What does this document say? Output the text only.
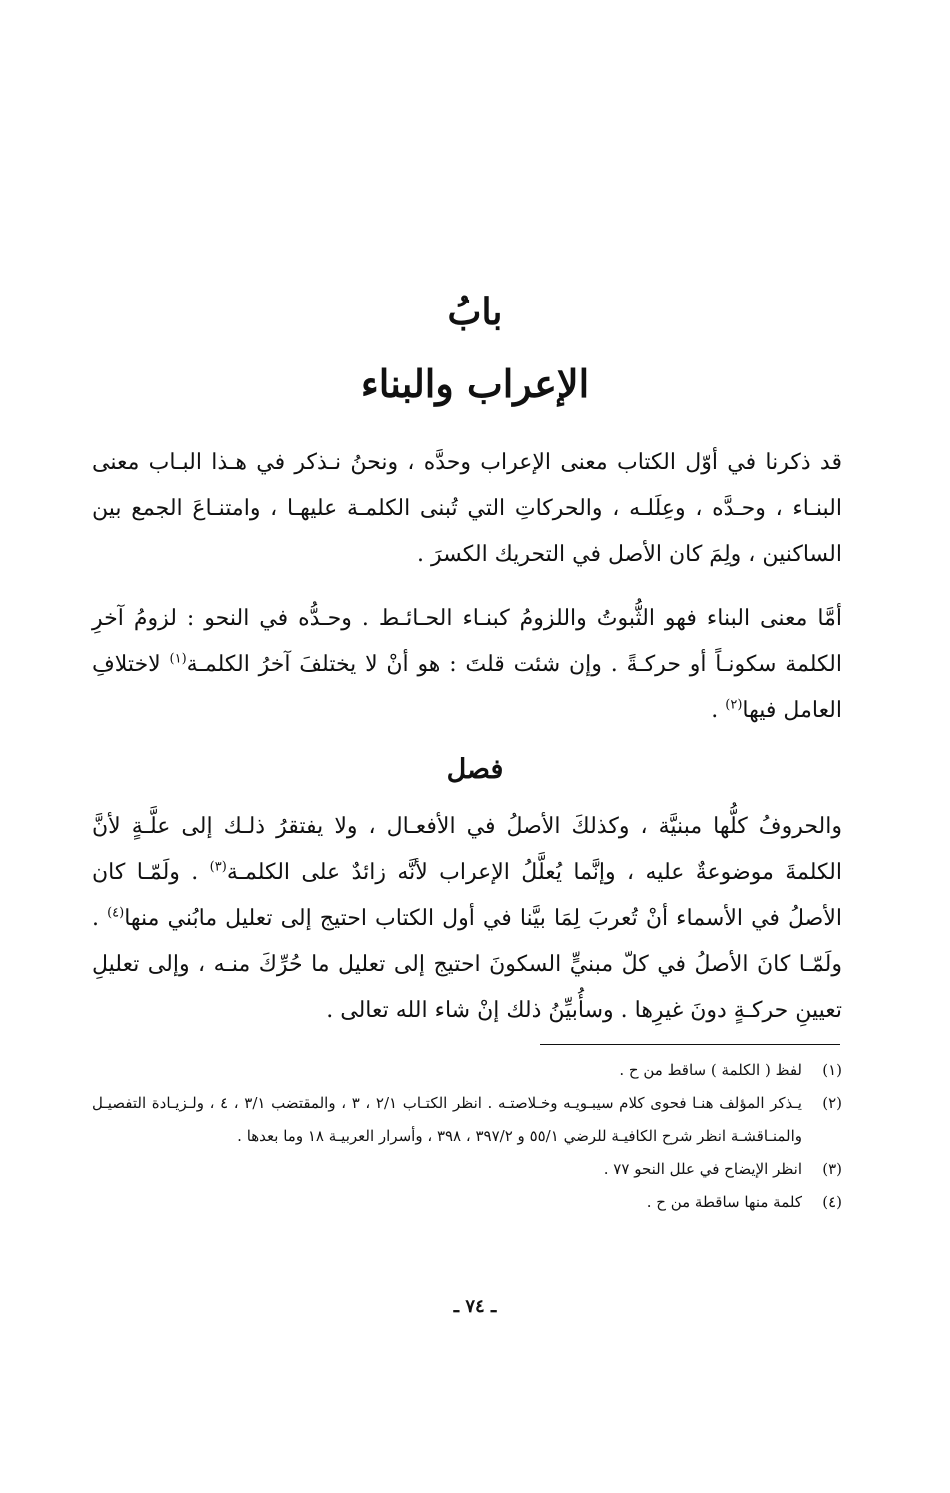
بابُ
الإعراب والبناء
قد ذكرنا في أوّل الكتاب معنى الإعراب وحدَّه ، ونحنُ نـذكر في هـذا البـاب معنى البنـاء ، وحـدَّه ، وعِلَلـه ، والحركاتِ التي تُبنى الكلمـة عليهـا ، وامتنـاعَ الجمع بين الساكنين ، ولِمَ كان الأصل في التحريك الكسرَ .
أمَّا معنى البناء فهو الثُّبوتُ واللزومُ كبنـاء الحـائـط . وحـدُّه في النحو : لزومُ آخرِ الكلمة سكونـاً أو حركـةً . وإن شئت قلتَ : هو أنْ لا يختلفَ آخرُ الكلمـة$^{(١)}$ لاختلافِ العامل فيها$^{(٢)}$ .
فصل
والحروفُ كلُّها مبنيَّة ، وكذلكَ الأصلُ في الأفعـال ، ولا يفتقرُ ذلـك إلى علَّـةٍ لأنَّ الكلمةَ موضوعةٌ عليه ، وإنَّما يُعلَّلُ الإعراب لأنَّه زائدٌ على الكلمـة$^{(٣)}$ . ولَمّـا كان الأصلُ في الأسماء أنْ تُعربَ لِمَا بيَّنا في أول الكتاب احتيج إلى تعليل مابُني منها$^{(٤)}$ . ولَمّـا كانَ الأصلُ في كلّ مبنيٍّ السكونَ احتيج إلى تعليل ما حُرِّكَ منـه ، وإلى تعليلِ تعيينِ حركـةٍ دونَ غيرِها . وسأُبيِّنُ ذلك إنْ شاء الله تعالى .
(١)
لفظ ( الكلمة ) ساقط من ح .
(٢)
يـذكر المؤلف هنـا فحوى كلام سيبـويـه وخـلاصتـه . انظر الكتـاب ٢/١ ، ٣ ، والمقتضب ٣/١ ، ٤ ، ولـزيـادة التفصيـل والمنـاقشـة انظر شرح الكافيـة للرضي ٥٥/١ و ٣٩٧/٢ ، ٣٩٨ ، وأسرار العربيـة ١٨ وما بعدها .
(٣)
انظر الإيضاح في علل النحو ٧٧ .
(٤)
كلمة منها ساقطة من ح .
ـ ٧٤ ـ
